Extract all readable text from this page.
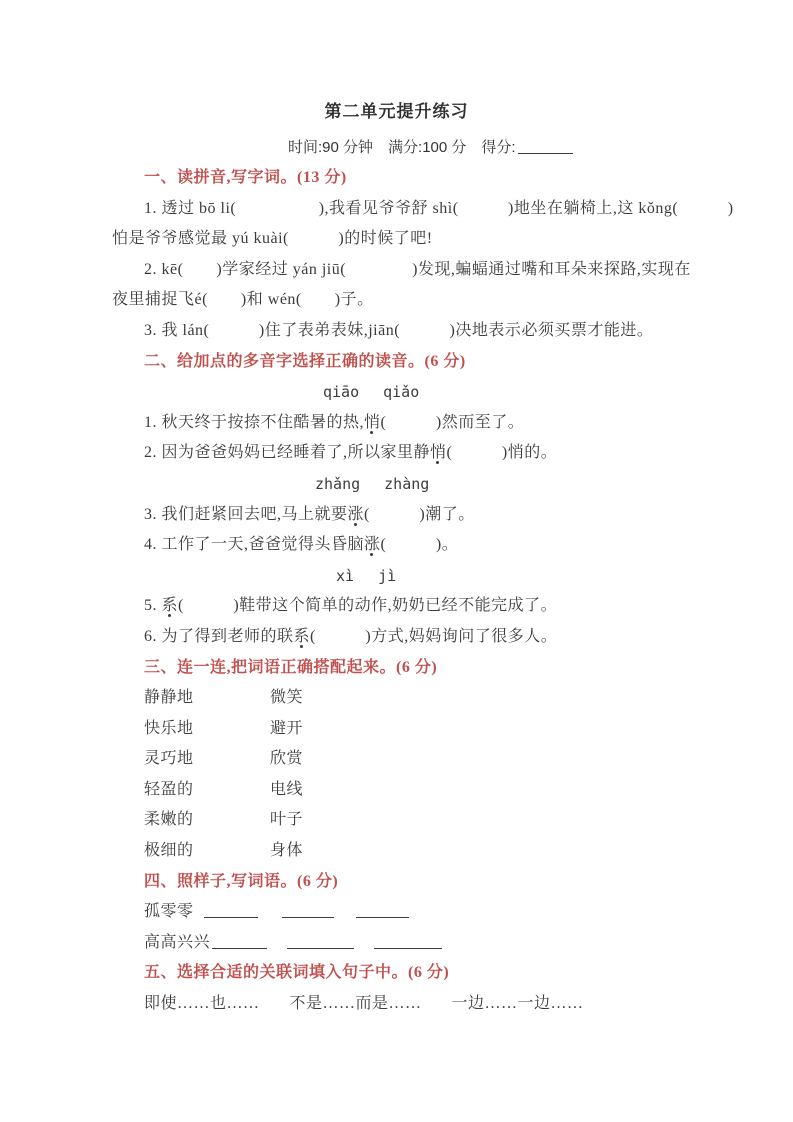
第二单元提升练习
时间:90 分钟　满分:100 分　得分:
一、读拼音,写字词。(13 分)
1. 透过 bō li(　　　　　),我看见爷爷舒 shì(　　　)地坐在躺椅上,这 kǒng(　　　)
怕是爷爷感觉最 yú kuài(　　　)的时候了吧!
2. kē(　　)学家经过 yán jiū(　　　　)发现,蝙蝠通过嘴和耳朵来探路,实现在
夜里捕捉飞é(　　)和 wén(　　)子。
3. 我 lán(　　　)住了表弟表妹,jiān(　　　)决地表示必须买票才能进。
二、给加点的多音字选择正确的读音。(6 分)
qiāo qiǎo
1. 秋天终于按捺不住酷暑的热,悄(　　　)然而至了。
2. 因为爸爸妈妈已经睡着了,所以家里静悄(　　　)悄的。
zhǎng zhàng
3. 我们赶紧回去吧,马上就要涨(　　　)潮了。
4. 工作了一天,爸爸觉得头昏脑涨(　　　)。
xì jì
5. 系(　　　)鞋带这个简单的动作,奶奶已经不能完成了。
6. 为了得到老师的联系(　　　)方式,妈妈询问了很多人。
三、连一连,把词语正确搭配起来。(6 分)
静静地	微笑
快乐地	避开
灵巧地	欣赏
轻盈的	电线
柔嫩的	叶子
极细的	身体
四、照样子,写词语。(6 分)
孤零零
高高兴兴
五、选择合适的关联词填入句子中。(6 分)
即使……也…… 不是……而是…… 一边……一边……
